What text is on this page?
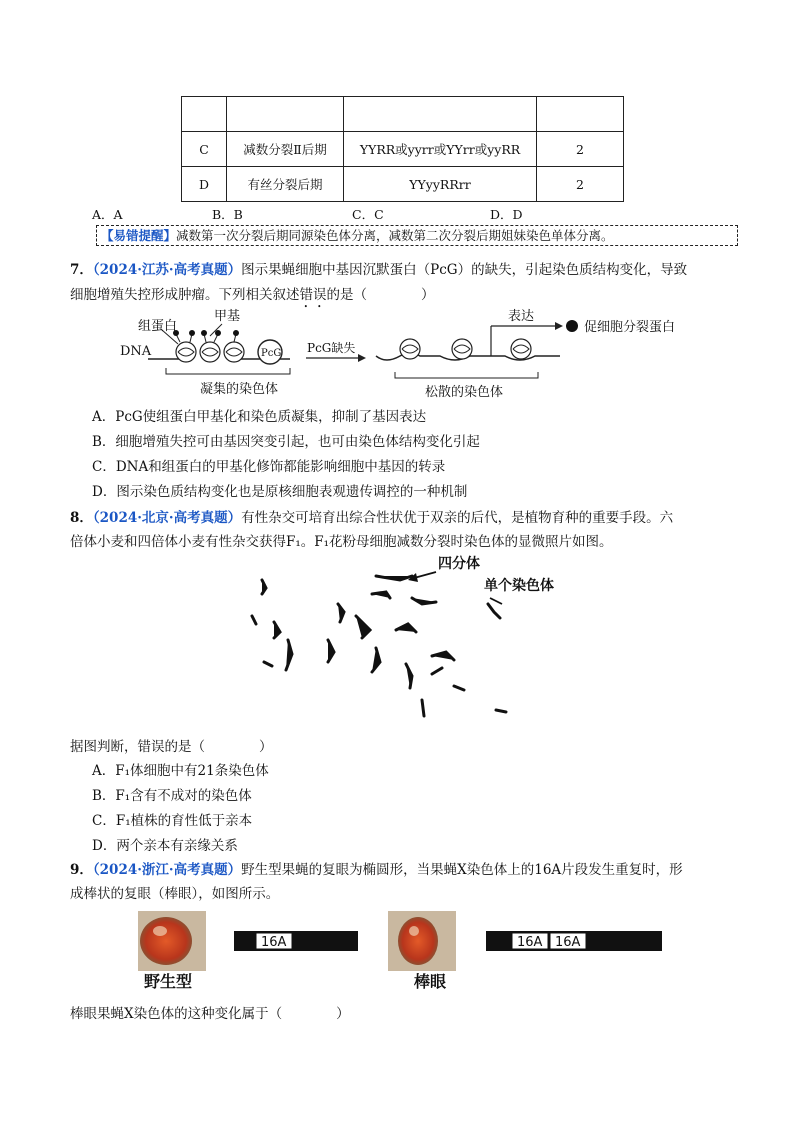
C	减数分裂Ⅱ后期	YYRR或yyrr或YYrr或yyRR	2
D	有丝分裂后期	YYyyRRrr	2
A．A	B．B	C．C	D．D
【易错提醒】减数第一次分裂后期同源染色体分离，减数第二次分裂后期姐妹染色单体分离。
7．（2024·江苏·高考真题）图示果蝇细胞中基因沉默蛋白（PcG）的缺失，引起染色质结构变化，导致
细胞增殖失控形成肿瘤。下列相关叙述错误的是（　　　　）
组蛋白
甲基
DNA	PcG PcG缺失
凝集的染色体	松散的染色体
表达
促细胞分裂蛋白
A．PcG使组蛋白甲基化和染色质凝集，抑制了基因表达
B．细胞增殖失控可由基因突变引起，也可由染色体结构变化引起
C．DNA和组蛋白的甲基化修饰都能影响细胞中基因的转录
D．图示染色质结构变化也是原核细胞表观遗传调控的一种机制
8．（2024·北京·高考真题）有性杂交可培育出综合性状优于双亲的后代，是植物育种的重要手段。六
倍体小麦和四倍体小麦有性杂交获得F₁。F₁花粉母细胞减数分裂时染色体的显微照片如图。
四分体
单个染色体
据图判断，错误的是（　　　　）
A．F₁体细胞中有21条染色体
B．F₁含有不成对的染色体
C．F₁植株的育性低于亲本
D．两个亲本有亲缘关系
9．（2024·浙江·高考真题）野生型果蝇的复眼为椭圆形，当果蝇X染色体上的16A片段发生重复时，形
成棒状的复眼（棒眼），如图所示。
16A	16A 16A
野生型	棒眼
棒眼果蝇X染色体的这种变化属于（　　　　）
